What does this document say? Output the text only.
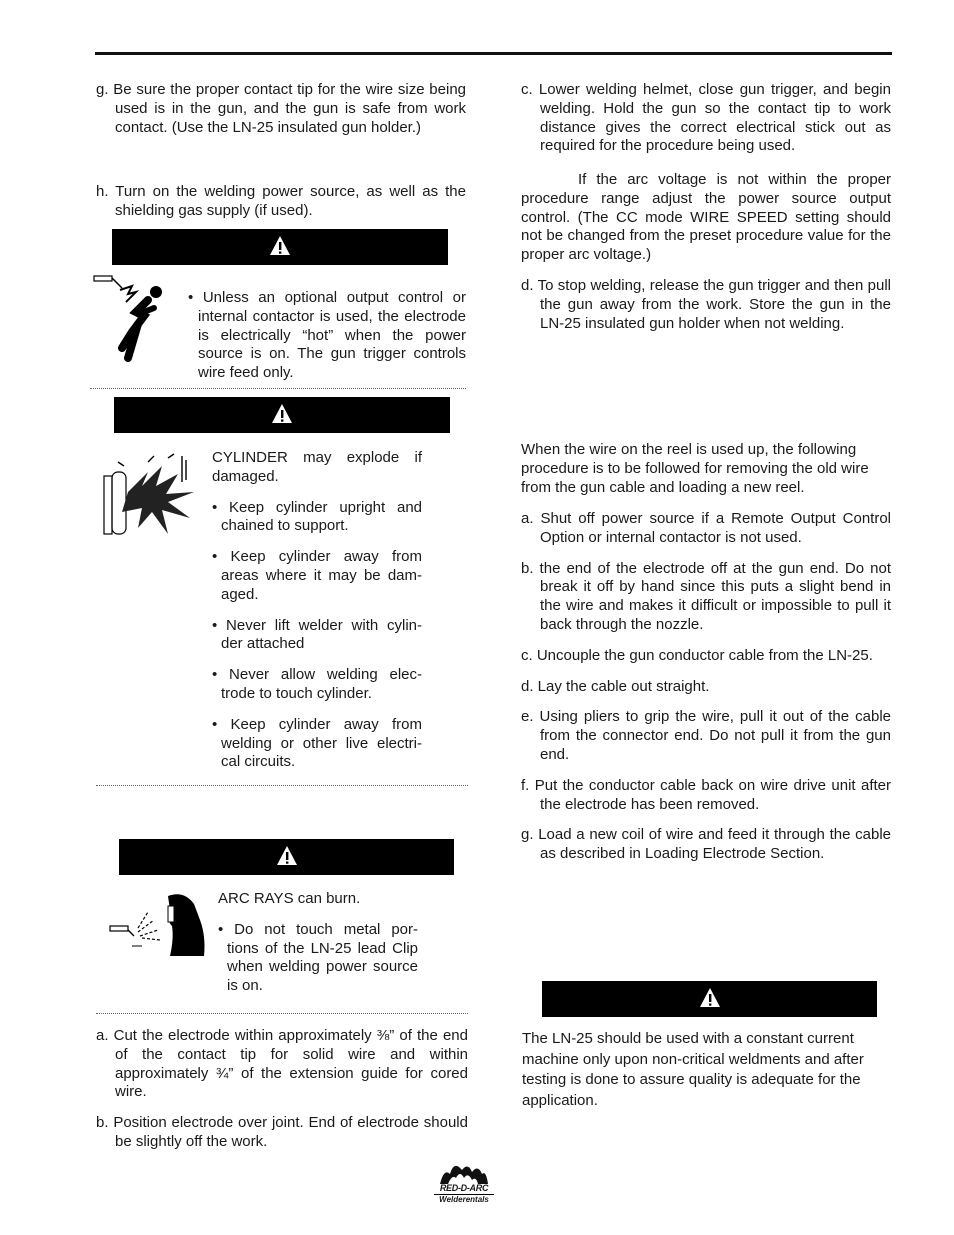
g. Be sure the proper contact tip for the wire size being used is in the gun, and the gun is safe from work contact. (Use the LN-25 insulated gun holder.)

h. Turn on the welding power source, as well as the shielding gas supply (if used).

• Unless an optional output control or internal contactor is used, the electrode is electrically “hot” when the power source is on. The gun trigger controls wire feed only.

CYLINDER may explode if damaged.

• Keep cylinder upright and chained to support.

• Keep cylinder away from areas where it may be dam- aged.

• Never lift welder with cylin- der attached

• Never allow welding elec- trode to touch cylinder.

• Keep cylinder away from welding or other live electri- cal circuits.

ARC RAYS can burn.

• Do not touch metal por- tions of the LN-25 lead Clip when welding power source is on.

a. Cut the electrode within approximately ⅜” of the end of the contact tip for solid wire and within approximately ¾” of the extension guide for cored wire.

b. Position electrode over joint. End of electrode should be slightly off the work.

c. Lower welding helmet, close gun trigger, and begin welding. Hold the gun so the contact tip to work distance gives the correct electrical stick out as required for the procedure being used.

If the arc voltage is not within the proper procedure range adjust the power source output control. (The CC mode WIRE SPEED setting should not be changed from the preset procedure value for the proper arc voltage.)

d. To stop welding, release the gun trigger and then pull the gun away from the work. Store the gun in the LN-25 insulated gun holder when not welding.

When the wire on the reel is used up, the following procedure is to be followed for removing the old wire from the gun cable and loading a new reel.

a. Shut off power source if a Remote Output Control Option or internal contactor is not used.

b. the end of the electrode off at the gun end. Do not break it off by hand since this puts a slight bend in the wire and makes it difficult or impossible to pull it back through the nozzle.

c. Uncouple the gun conductor cable from the LN-25.

d. Lay the cable out straight.

e. Using pliers to grip the wire, pull it out of the cable from the connector end. Do not pull it from the gun end.

f. Put the conductor cable back on wire drive unit after the electrode has been removed.

g. Load a new coil of wire and feed it through the cable as described in Loading Electrode Section.

The LN-25 should be used with a constant current machine only upon non-critical weldments and after testing is done to assure quality is adequate for the application.
RED-D-ARC
Welderentals
